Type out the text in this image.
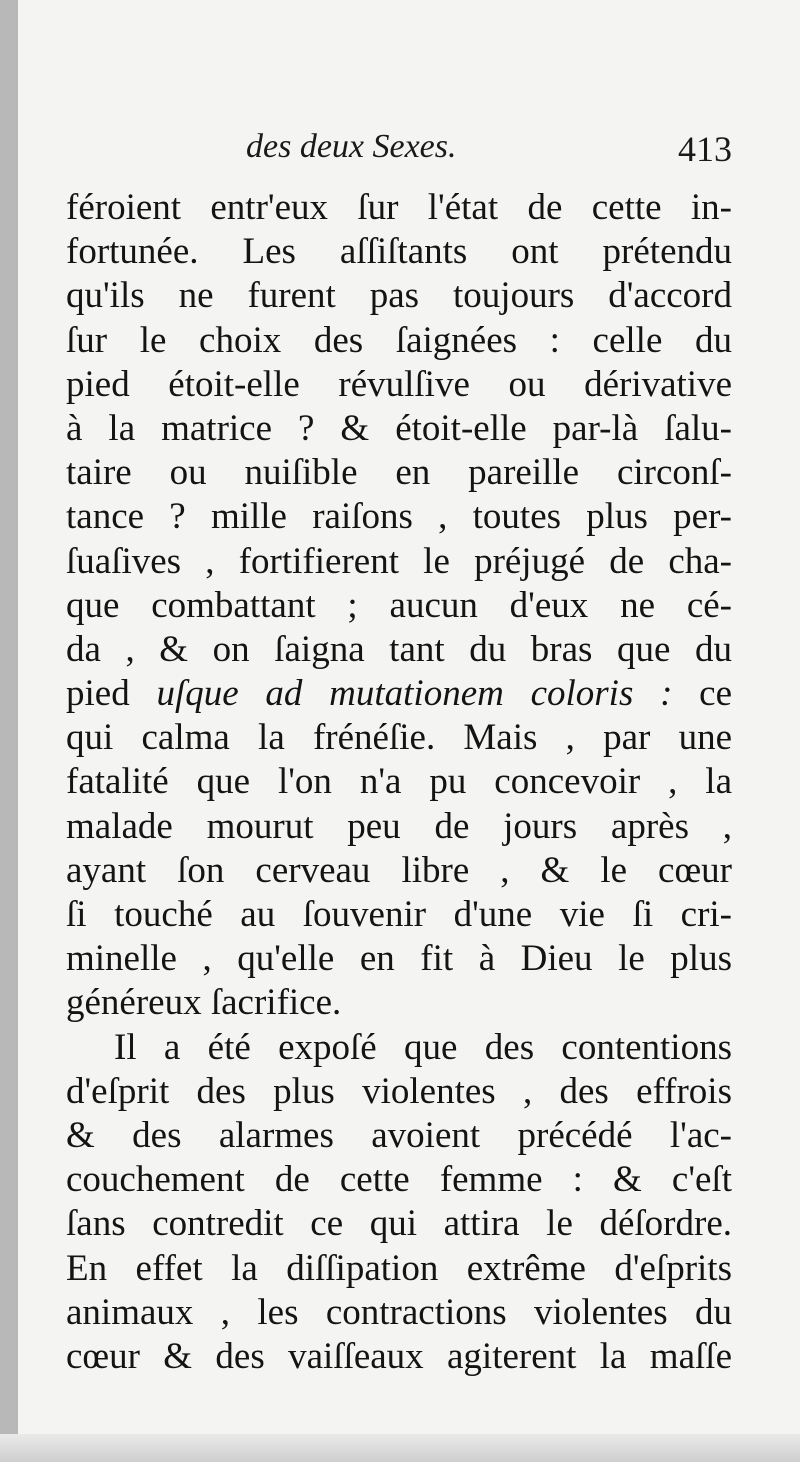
des deux Sexes.	413
féroient entr'eux ſur l'état de cette in-
fortunée. Les aſſiſtants ont prétendu
qu'ils ne furent pas toujours d'accord
ſur le choix des ſaignées : celle du
pied étoit-elle révulſive ou dérivative
à la matrice ? & étoit-elle par-là ſalu-
taire ou nuiſible en pareille circonſ-
tance ? mille raiſons , toutes plus per-
ſuaſives , fortifierent le préjugé de cha-
que combattant ; aucun d'eux ne cé-
da , & on ſaigna tant du bras que du
pied uſque ad mutationem coloris : ce
qui calma la frénéſie. Mais , par une
fatalité que l'on n'a pu concevoir , la
malade mourut peu de jours après ,
ayant ſon cerveau libre , & le cœur
ſi touché au ſouvenir d'une vie ſi cri-
minelle , qu'elle en fit à Dieu le plus
généreux ſacrifice.
Il a été expoſé que des contentions
d'eſprit des plus violentes , des effrois
& des alarmes avoient précédé l'ac-
couchement de cette femme : & c'eſt
ſans contredit ce qui attira le déſordre.
En effet la diſſipation extrême d'eſprits
animaux , les contractions violentes du
cœur & des vaiſſeaux agiterent la maſſe
